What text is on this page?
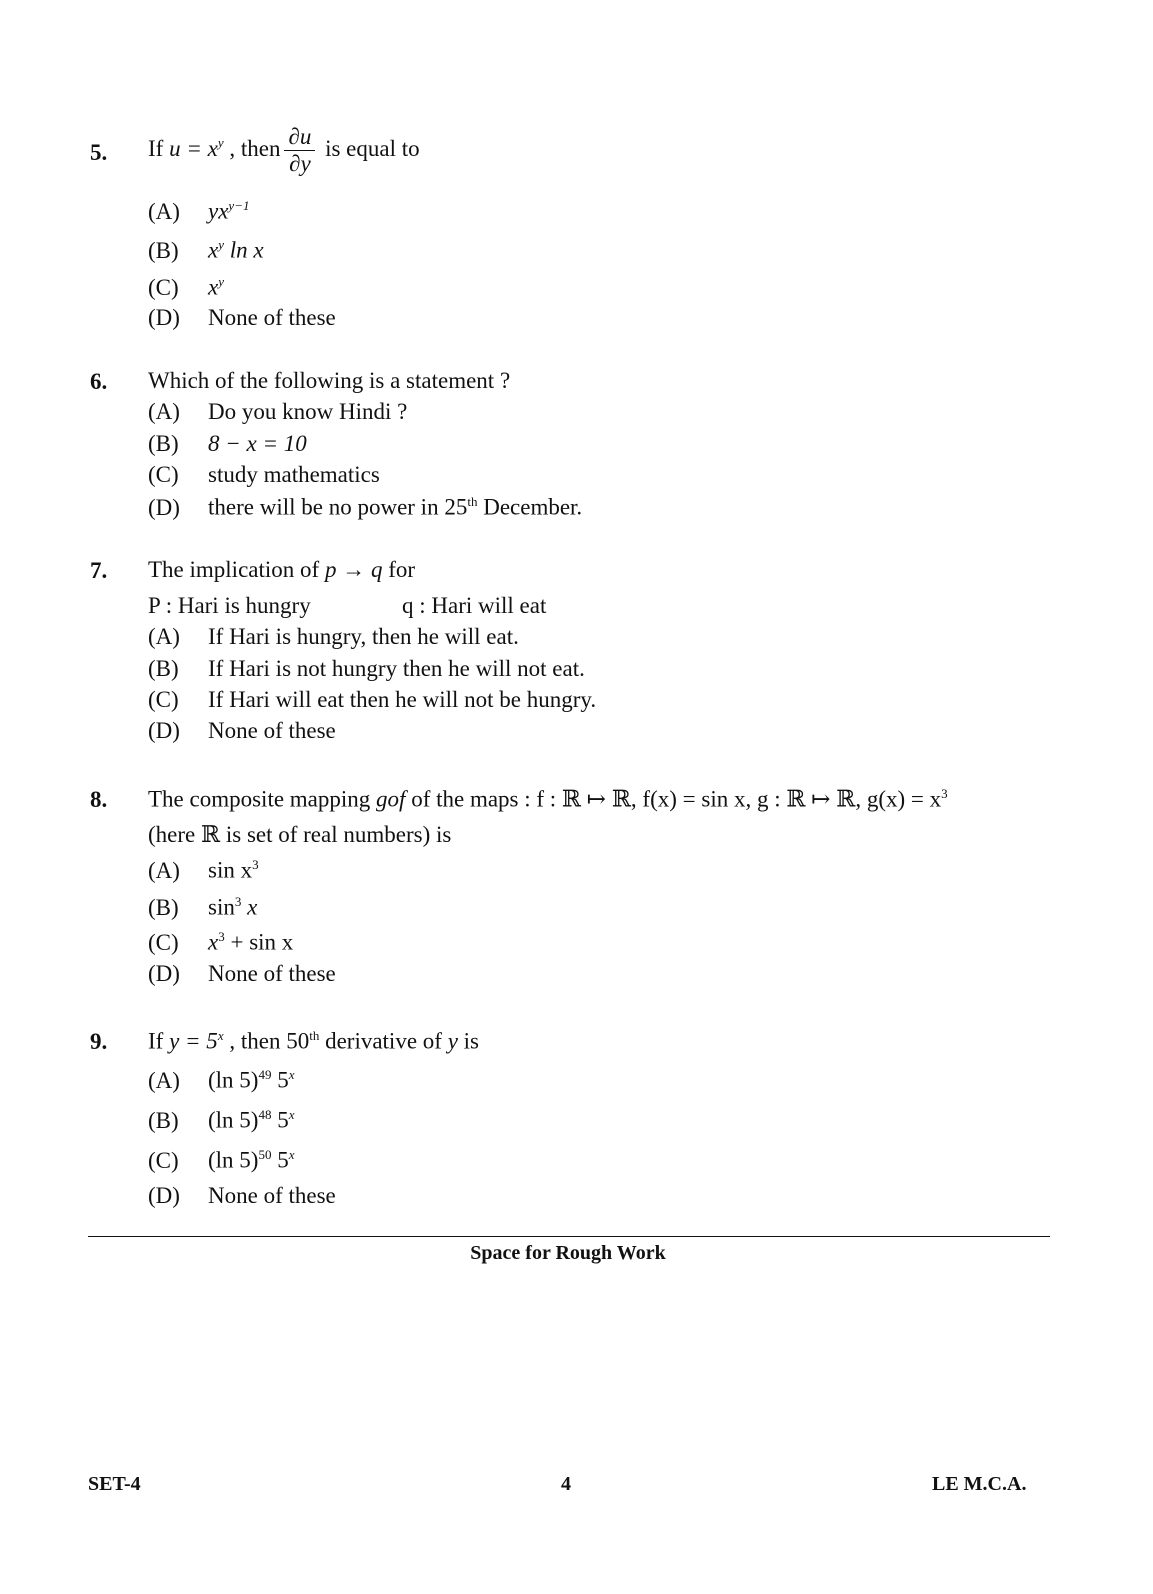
5. If $u = x^y$ , then $\frac{\partial u}{\partial y}$ is equal to
(A) $yx^{y-1}$
(B) $x^y$ ln x
(C) $x^y$
(D) None of these
6. Which of the following is a statement ?
(A) Do you know Hindi ?
(B) 8 − x = 10
(C) study mathematics
(D) there will be no power in 25th December.
7. The implication of p → q for
P : Hari is hungry	q : Hari will eat
(A) If Hari is hungry, then he will eat.
(B) If Hari is not hungry then he will not eat.
(C) If Hari will eat then he will not be hungry.
(D) None of these
8. The composite mapping gof of the maps : f : ℝ ↦ ℝ, f(x) = sin x, g : ℝ ↦ ℝ, $g(x) = x^3$
(here ℝ is set of real numbers) is
(A) $\sin x^3$
(B) $\sin^3 x$
(C) $x^3 + \sin x$
(D) None of these
9. If $y = 5^x$ , then 50th derivative of y is
(A) (ln 5)$^{49}$ 5$^x$
(B) (ln 5)$^{48}$ 5$^x$
(C) (ln 5)$^{50}$ 5$^x$
(D) None of these
Space for Rough Work
SET-4	4	LE M.C.A.
